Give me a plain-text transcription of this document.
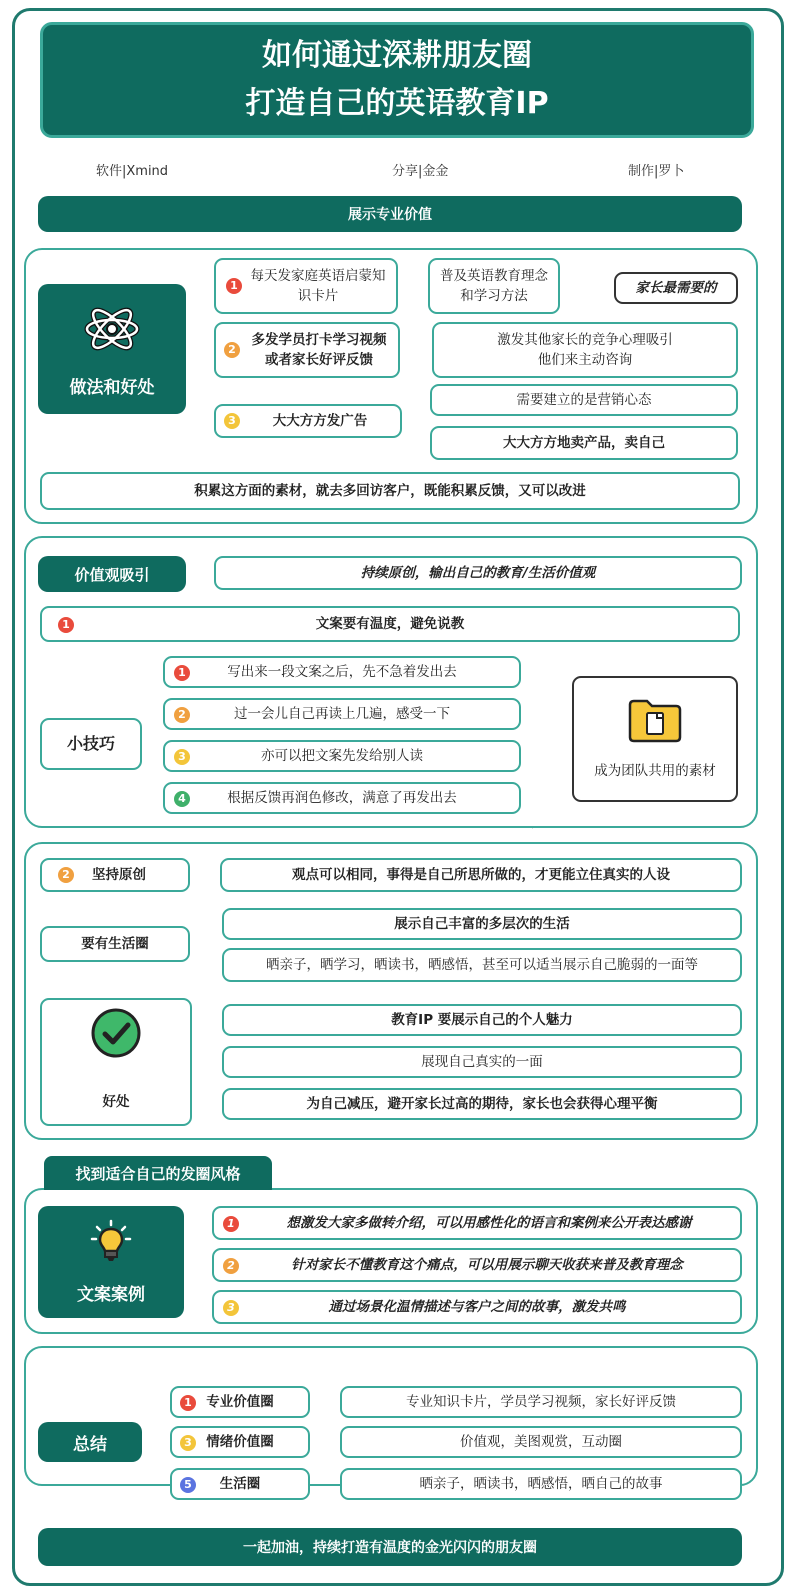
如何通过深耕朋友圈
打造自己的英语教育IP
软件|Xmind	分享|金金	制作|罗卜
展示专业价值
做法和好处
1
每天发家庭英语启蒙知识卡片
普及英语教育理念和学习方法	家长最需要的
2
多发学员打卡学习视频或者家长好评反馈
激发其他家长的竞争心理吸引他们来主动咨询
3	大大方方发广告
需要建立的是营销心态
大大方方地卖产品，卖自己
积累这方面的素材，就去多回访客户，既能积累反馈，又可以改进
价值观吸引	持续原创，输出自己的教育/生活价值观
1	文案要有温度，避免说教
小技巧
1	写出来一段文案之后，先不急着发出去
2	过一会儿自己再读上几遍，感受一下
3	亦可以把文案先发给别人读
4	根据反馈再润色修改，满意了再发出去
成为团队共用的素材
2	坚持原创	观点可以相同，事得是自己所思所做的，才更能立住真实的人设
要有生活圈
展示自己丰富的多层次的生活
晒亲子，晒学习，晒读书，晒感悟，甚至可以适当展示自己脆弱的一面等
好处
教育IP 要展示自己的个人魅力
展现自己真实的一面
为自己减压，避开家长过高的期待，家长也会获得心理平衡
找到适合自己的发圈风格
文案案例
1	想激发大家多做转介绍，可以用感性化的语言和案例来公开表达感谢
2	针对家长不懂教育这个痛点，可以用展示聊天收获来普及教育理念
3	通过场景化温情描述与客户之间的故事，激发共鸣
总结
1	专业价值圈	专业知识卡片，学员学习视频，家长好评反馈
3	情绪价值圈	价值观，美图观赏，互动圈
5	生活圈	晒亲子，晒读书，晒感悟，晒自己的故事
一起加油，持续打造有温度的金光闪闪的朋友圈
